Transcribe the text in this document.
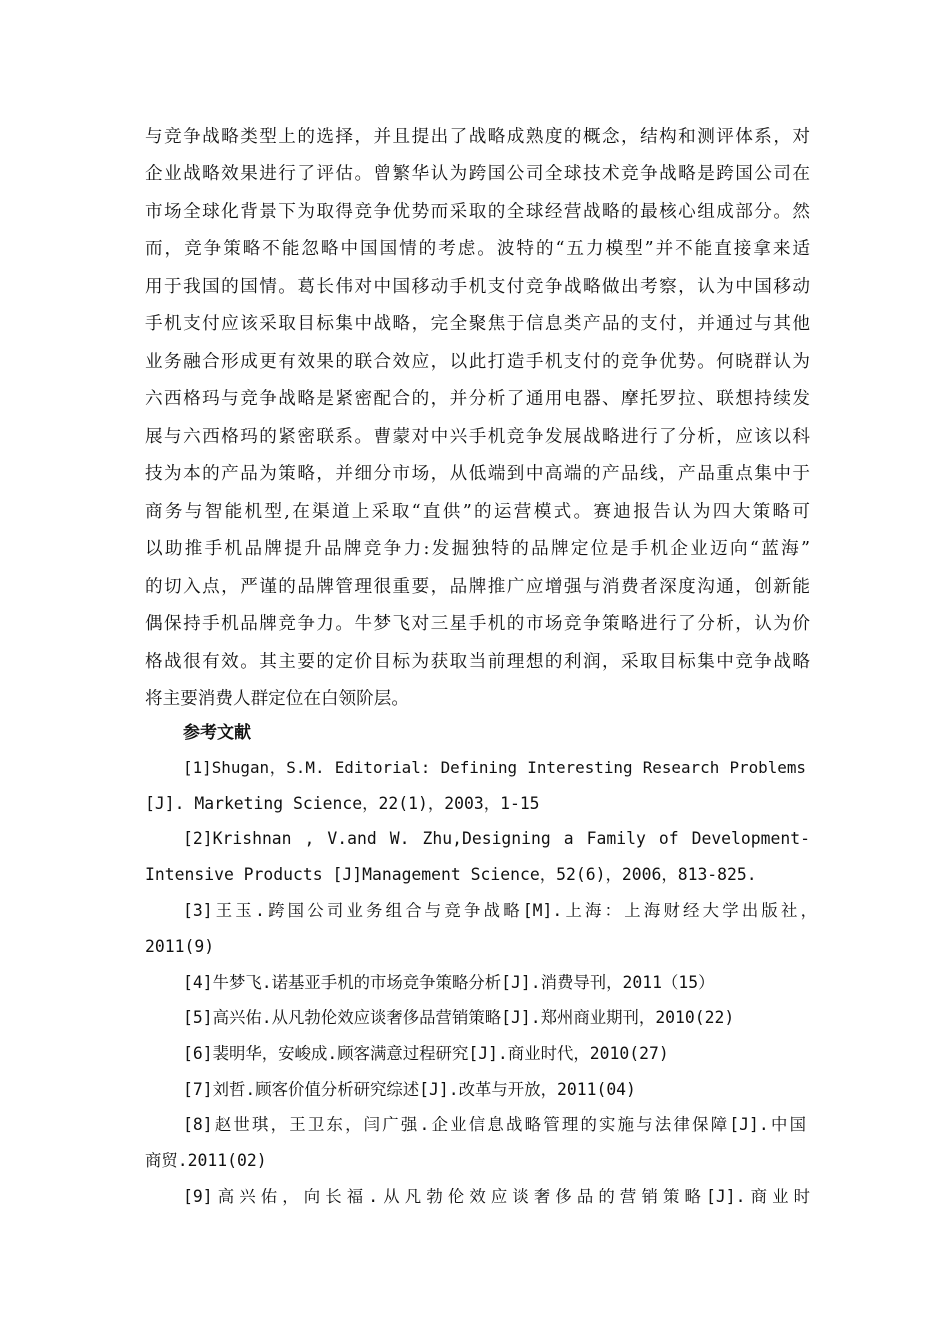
与竞争战略类型上的选择，并且提出了战略成熟度的概念，结构和测评体系，对

企业战略效果进行了评估。曾繁华认为跨国公司全球技术竞争战略是跨国公司在

市场全球化背景下为取得竞争优势而采取的全球经营战略的最核心组成部分。然

而，竞争策略不能忽略中国国情的考虑。波特的“五力模型”并不能直接拿来适

用于我国的国情。葛长伟对中国移动手机支付竞争战略做出考察，认为中国移动

手机支付应该采取目标集中战略，完全聚焦于信息类产品的支付，并通过与其他

业务融合形成更有效果的联合效应，以此打造手机支付的竞争优势。何晓群认为

六西格玛与竞争战略是紧密配合的，并分析了通用电器、摩托罗拉、联想持续发

展与六西格玛的紧密联系。曹蒙对中兴手机竞争发展战略进行了分析，应该以科

技为本的产品为策略，并细分市场，从低端到中高端的产品线，产品重点集中于

商务与智能机型,在渠道上采取“直供”的运营模式。赛迪报告认为四大策略可

以助推手机品牌提升品牌竞争力:发掘独特的品牌定位是手机企业迈向“蓝海”

的切入点，严谨的品牌管理很重要，品牌推广应增强与消费者深度沟通，创新能

偶保持手机品牌竞争力。牛梦飞对三星手机的市场竞争策略进行了分析，认为价

格战很有效。其主要的定价目标为获取当前理想的利润，采取目标集中竞争战略

将主要消费人群定位在白领阶层。

参考文献

[1]Shugan，S.M. Editorial: Defining Interesting Research Problems

[J]. Marketing Science，22(1)，2003，1-15

[2]Krishnan , V.and W. Zhu,Designing a Family of Development-

Intensive Products [J]Management Science，52(6)，2006，813-825.

[3]王玉.跨国公司业务组合与竞争战略[M].上海：上海财经大学出版社，

2011(9)

[4]牛梦飞.诺基亚手机的市场竞争策略分析[J].消费导刊，2011（15）

[5]高兴佑.从凡勃伦效应谈奢侈品营销策略[J].郑州商业期刊，2010(22)

[6]裴明华，安峻成.顾客满意过程研究[J].商业时代，2010(27)

[7]刘哲.顾客价值分析研究综述[J].改革与开放，2011(04)

[8]赵世琪，王卫东，闫广强.企业信息战略管理的实施与法律保障[J].中国

商贸.2011(02)

[9]高兴佑，向长福.从凡勃伦效应谈奢侈品的营销策略[J].商业时
